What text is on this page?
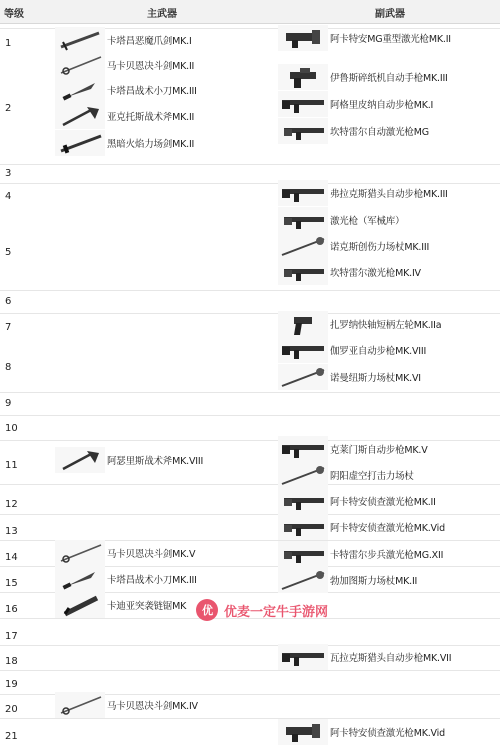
等级	主武器	副武器
1
2
3
4
5
6
7
8
9
10
11
12
13
14
15
16
17
18
19
20
21
卡塔昌恶魔爪剑MK.I
马卡贝恩决斗剑MK.II
卡塔昌战术小刀MK.III
亚克托斯战术斧MK.II
黑暗火焰力场剑MK.II
阿瑟里斯战术斧MK.VIII
马卡贝恩决斗剑MK.V
卡塔昌战术小刀MK.III
卡迪亚突袭链锯MK
马卡贝恩决斗剑MK.IV
阿卡特安MG重型激光枪MK.II
伊鲁斯碎纸机自动手枪MK.III
阿格里皮纳自动步枪MK.I
坎特雷尔自动激光枪MG
弗拉克斯猎头自动步枪MK.III
激光枪（军械库）
诺克斯创伤力场杖MK.III
坎特雷尔激光枪MK.IV
扎罗纳快轴短柄左轮MK.IIa
伽罗亚自动步枪MK.VIII
诺曼纽斯力场杖MK.VI
克莱门斯自动步枪MK.V
阴阳虚空打击力场杖
阿卡特安侦查激光枪MK.II
阿卡特安侦查激光枪MK.Vid
卡特雷尔步兵激光枪MG.XII
勃加图斯力场杖MK.II
瓦拉克斯猎头自动步枪MK.VII
阿卡特安侦查激光枪MK.Vid
优 优麦一定牛手游网
